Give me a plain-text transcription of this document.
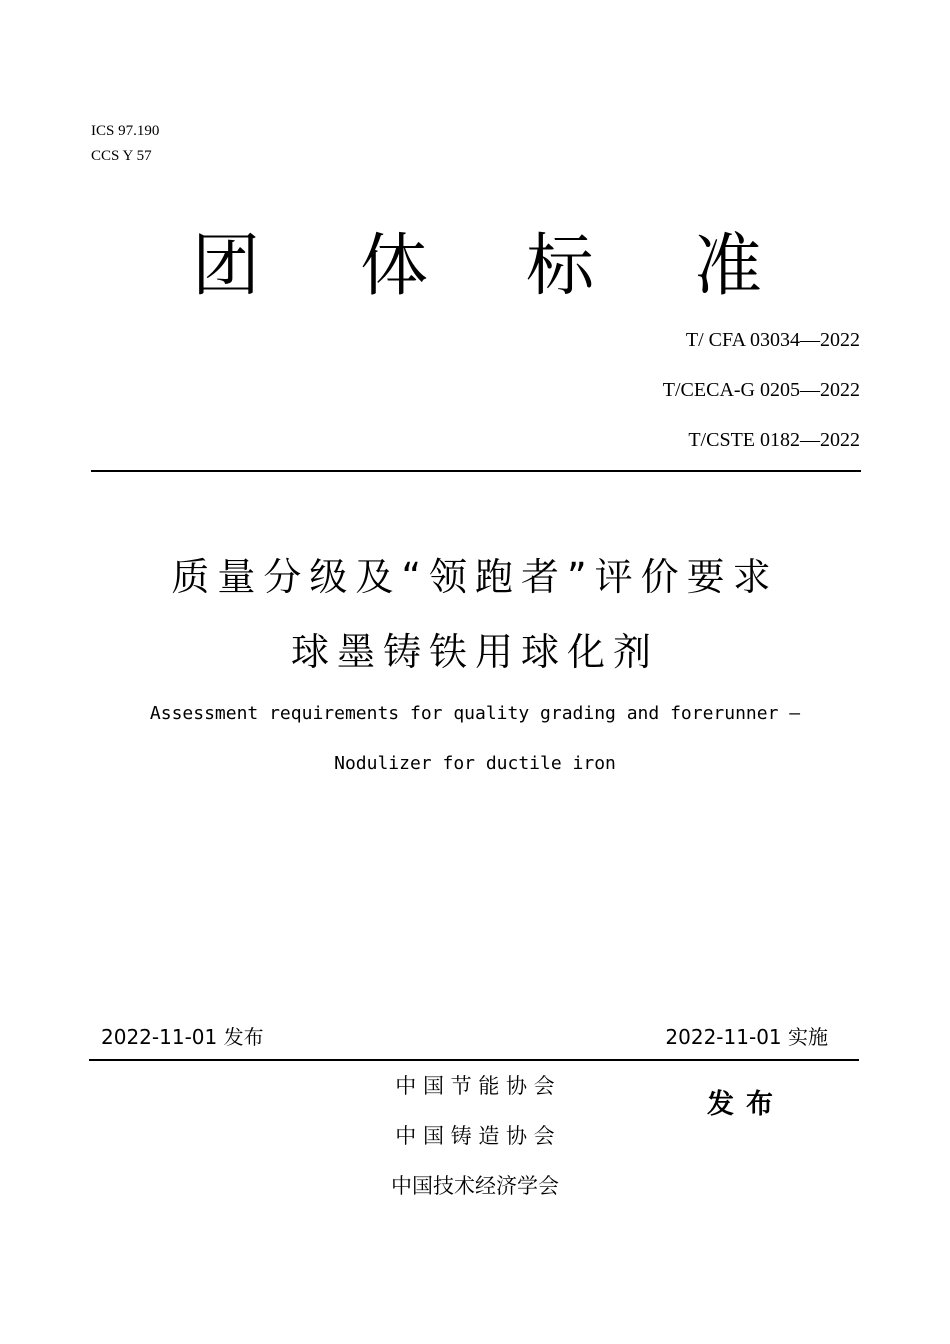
ICS 97.190
CCS Y 57
团 体 标 准
T/ CFA 03034—2022
T/CECA-G 0205—2022
T/CSTE 0182—2022
质量分级及“领跑者”评价要求
球墨铸铁用球化剂
Assessment requirements for quality grading and forerunner —
Nodulizer for ductile iron
2022-11-01 发布	2022-11-01 实施
中 国 节 能 协 会
中 国 铸 造 协 会
中国技术经济学会
发布
